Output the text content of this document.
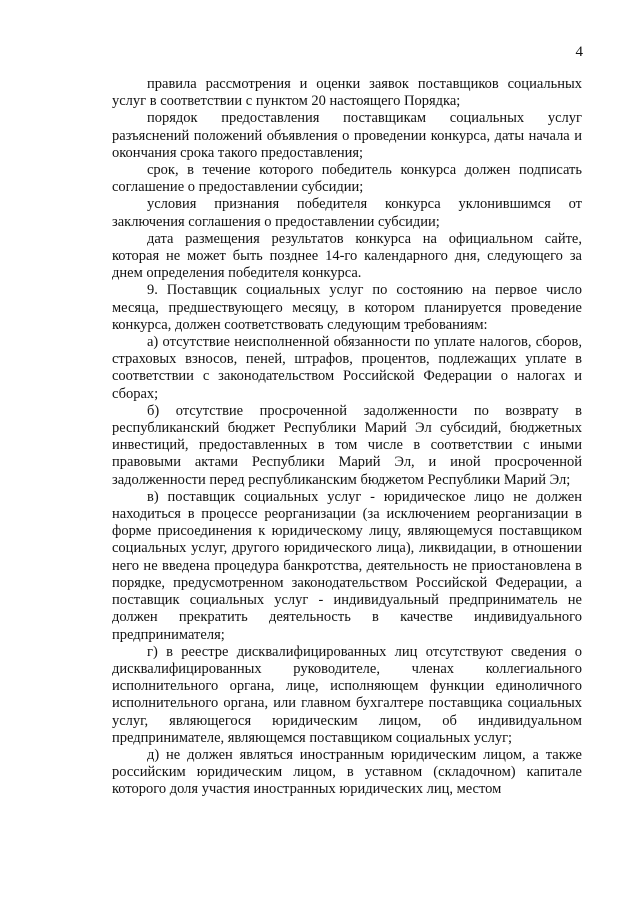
4

правила рассмотрения и оценки заявок поставщиков социальных услуг в соответствии с пунктом 20 настоящего Порядка;

порядок предоставления поставщикам социальных услуг разъяснений положений объявления о проведении конкурса, даты начала и окончания срока такого предоставления;

срок, в течение которого победитель конкурса должен подписать соглашение о предоставлении субсидии;

условия признания победителя конкурса уклонившимся от заключения соглашения о предоставлении субсидии;

дата размещения результатов конкурса на официальном сайте, которая не может быть позднее 14-го календарного дня, следующего за днем определения победителя конкурса.

9. Поставщик социальных услуг по состоянию на первое число месяца, предшествующего месяцу, в котором планируется проведение конкурса, должен соответствовать следующим требованиям:

а) отсутствие неисполненной обязанности по уплате налогов, сборов, страховых взносов, пеней, штрафов, процентов, подлежащих уплате в соответствии с законодательством Российской Федерации о налогах и сборах;

б) отсутствие просроченной задолженности по возврату в республиканский бюджет Республики Марий Эл субсидий, бюджетных инвестиций, предоставленных в том числе в соответствии с иными правовыми актами Республики Марий Эл, и иной просроченной задолженности перед республиканским бюджетом Республики Марий Эл;

в) поставщик социальных услуг - юридическое лицо не должен находиться в процессе реорганизации (за исключением реорганизации в форме присоединения к юридическому лицу, являющемуся поставщиком социальных услуг, другого юридического лица), ликвидации, в отношении него не введена процедура банкротства, деятельность не приостановлена в порядке, предусмотренном законодательством Российской Федерации, а поставщик социальных услуг - индивидуальный предприниматель не должен прекратить деятельность в качестве индивидуального предпринимателя;

г) в реестре дисквалифицированных лиц отсутствуют сведения о дисквалифицированных руководителе, членах коллегиального исполнительного органа, лице, исполняющем функции единоличного исполнительного органа, или главном бухгалтере поставщика социальных услуг, являющегося юридическим лицом, об индивидуальном предпринимателе, являющемся поставщиком социальных услуг;

д) не должен являться иностранным юридическим лицом, а также российским юридическим лицом, в уставном (складочном) капитале которого доля участия иностранных юридических лиц, местом
